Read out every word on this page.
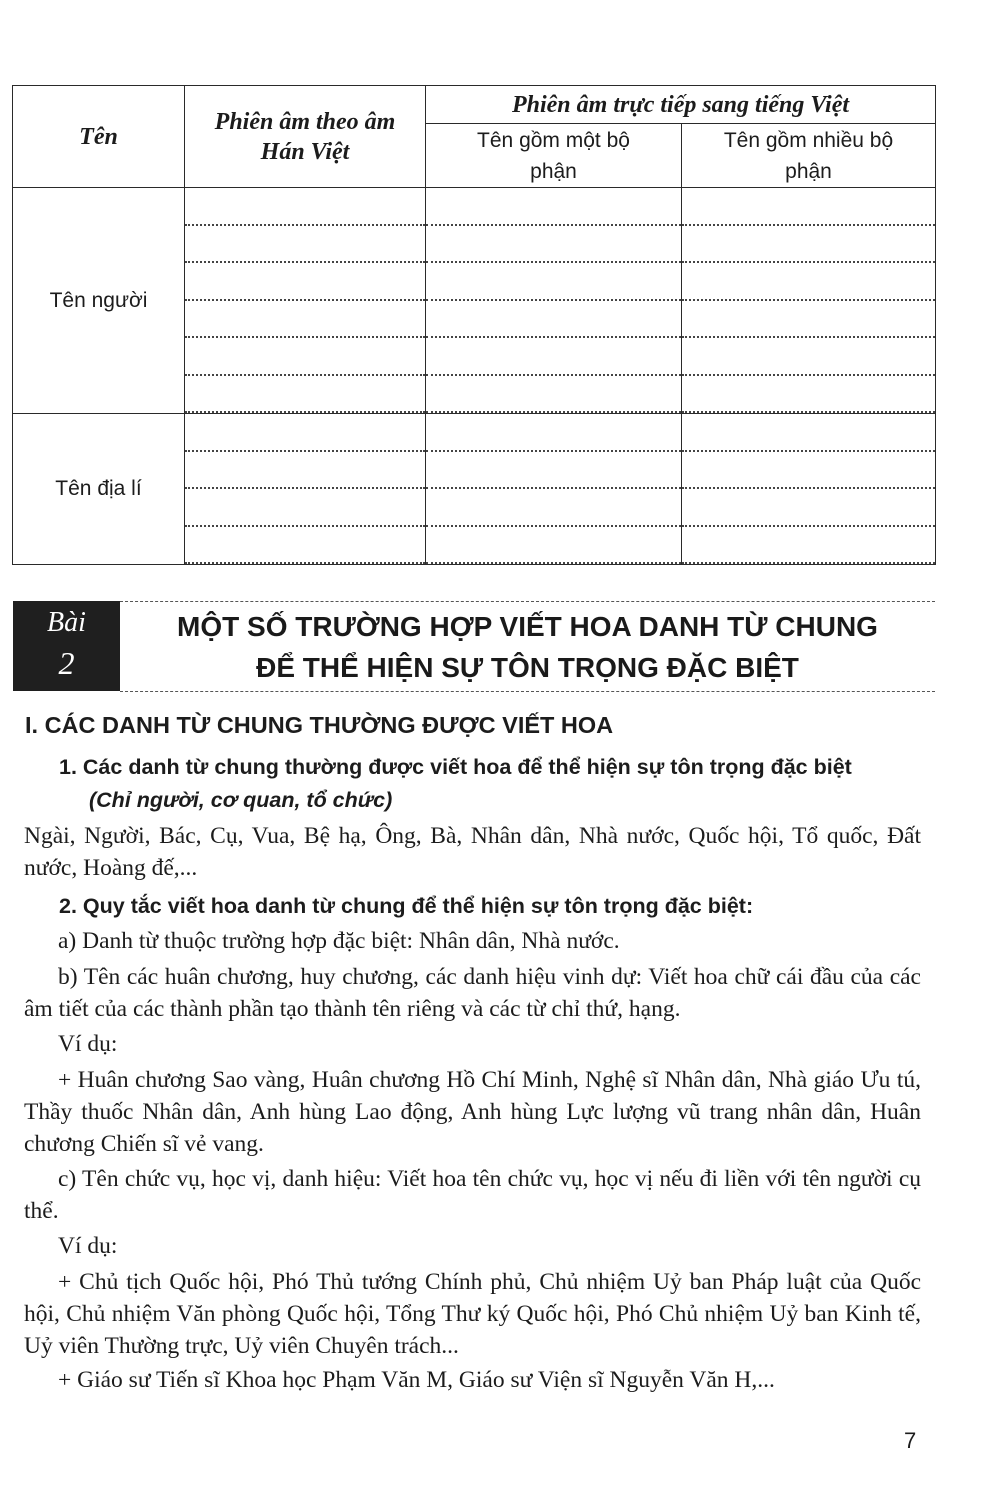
Tên	Phiên âm theo âm Hán Việt	Phiên âm trực tiếp sang tiếng Việt	
		Tên gồm một bộ phận	Tên gồm nhiều bộ phận
Tên người	

Tên địa lí	

Bài
2
MỘT SỐ TRƯỜNG HỢP VIẾT HOA DANH TỪ CHUNG
ĐỂ THỂ HIỆN SỰ TÔN TRỌNG ĐẶC BIỆT
I. CÁC DANH TỪ CHUNG THƯỜNG ĐƯỢC VIẾT HOA
1. Các danh từ chung thường được viết hoa để thể hiện sự tôn trọng đặc biệt
(Chỉ người, cơ quan, tổ chức)
Ngài, Người, Bác, Cụ, Vua, Bệ hạ, Ông, Bà, Nhân dân, Nhà nước, Quốc hội, Tổ quốc, Đất nước, Hoàng đế,...
2. Quy tắc viết hoa danh từ chung để thể hiện sự tôn trọng đặc biệt:
a) Danh từ thuộc trường hợp đặc biệt: Nhân dân, Nhà nước.
b) Tên các huân chương, huy chương, các danh hiệu vinh dự: Viết hoa chữ cái đầu của các âm tiết của các thành phần tạo thành tên riêng và các từ chỉ thứ, hạng.
Ví dụ:
+ Huân chương Sao vàng, Huân chương Hồ Chí Minh, Nghệ sĩ Nhân dân, Nhà giáo Ưu tú, Thầy thuốc Nhân dân, Anh hùng Lao động, Anh hùng Lực lượng vũ trang nhân dân, Huân chương Chiến sĩ vẻ vang.
c) Tên chức vụ, học vị, danh hiệu: Viết hoa tên chức vụ, học vị nếu đi liền với tên người cụ thể.
Ví dụ:
+ Chủ tịch Quốc hội, Phó Thủ tướng Chính phủ, Chủ nhiệm Uỷ ban Pháp luật của Quốc hội, Chủ nhiệm Văn phòng Quốc hội, Tổng Thư ký Quốc hội, Phó Chủ nhiệm Uỷ ban Kinh tế, Uỷ viên Thường trực, Uỷ viên Chuyên trách...
+ Giáo sư Tiến sĩ Khoa học Phạm Văn M, Giáo sư Viện sĩ Nguyễn Văn H,...
7
